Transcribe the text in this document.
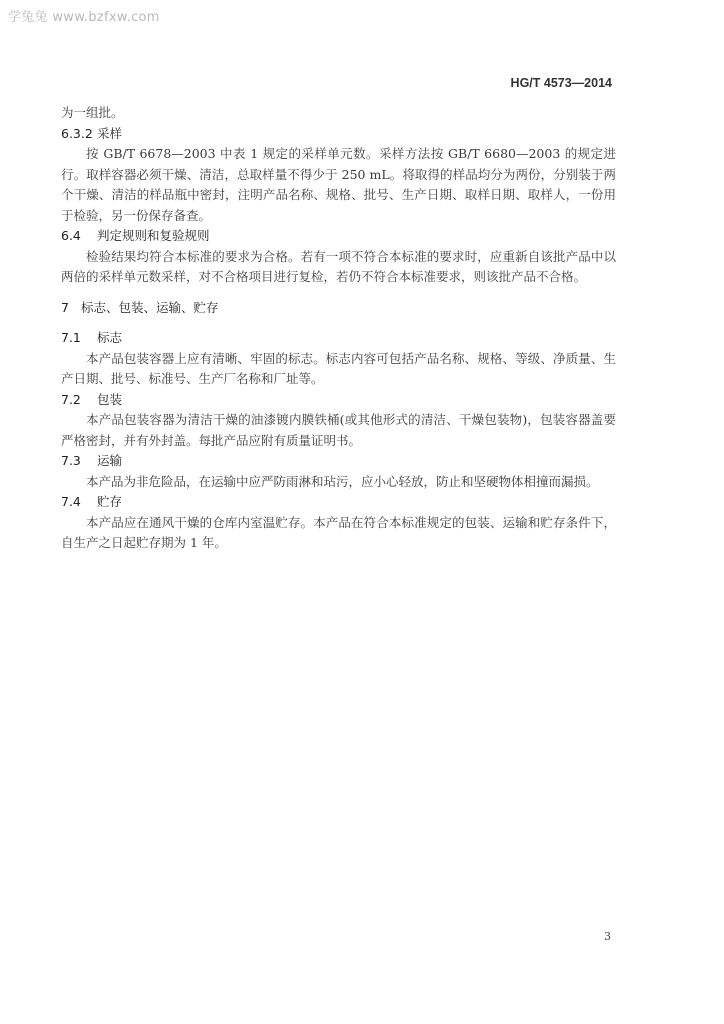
学兔兔 www.bzfxw.com
HG/T 4573—2014

为一组批。

6.3.2 采样

按 GB/T 6678—2003 中表 1 规定的采样单元数。采样方法按 GB/T 6680—2003 的规定进行。取样容器必须干燥、清洁，总取样量不得少于 250 mL。将取得的样品均分为两份，分别装于两个干燥、清洁的样品瓶中密封，注明产品名称、规格、批号、生产日期、取样日期、取样人，一份用于检验，另一份保存备查。

6.4 判定规则和复验规则

检验结果均符合本标准的要求为合格。若有一项不符合本标准的要求时，应重新自该批产品中以两倍的采样单元数采样，对不合格项目进行复检，若仍不符合本标准要求，则该批产品不合格。

7 标志、包装、运输、贮存
7.1 标志

本产品包装容器上应有清晰、牢固的标志。标志内容可包括产品名称、规格、等级、净质量、生产日期、批号、标准号、生产厂名称和厂址等。

7.2 包装

本产品包装容器为清洁干燥的油漆镀内膜铁桶(或其他形式的清洁、干燥包装物)，包装容器盖要严格密封，并有外封盖。每批产品应附有质量证明书。

7.3 运输

本产品为非危险品，在运输中应严防雨淋和玷污，应小心轻放，防止和坚硬物体相撞而漏损。

7.4 贮存

本产品应在通风干燥的仓库内室温贮存。本产品在符合本标准规定的包装、运输和贮存条件下，自生产之日起贮存期为 1 年。

3
